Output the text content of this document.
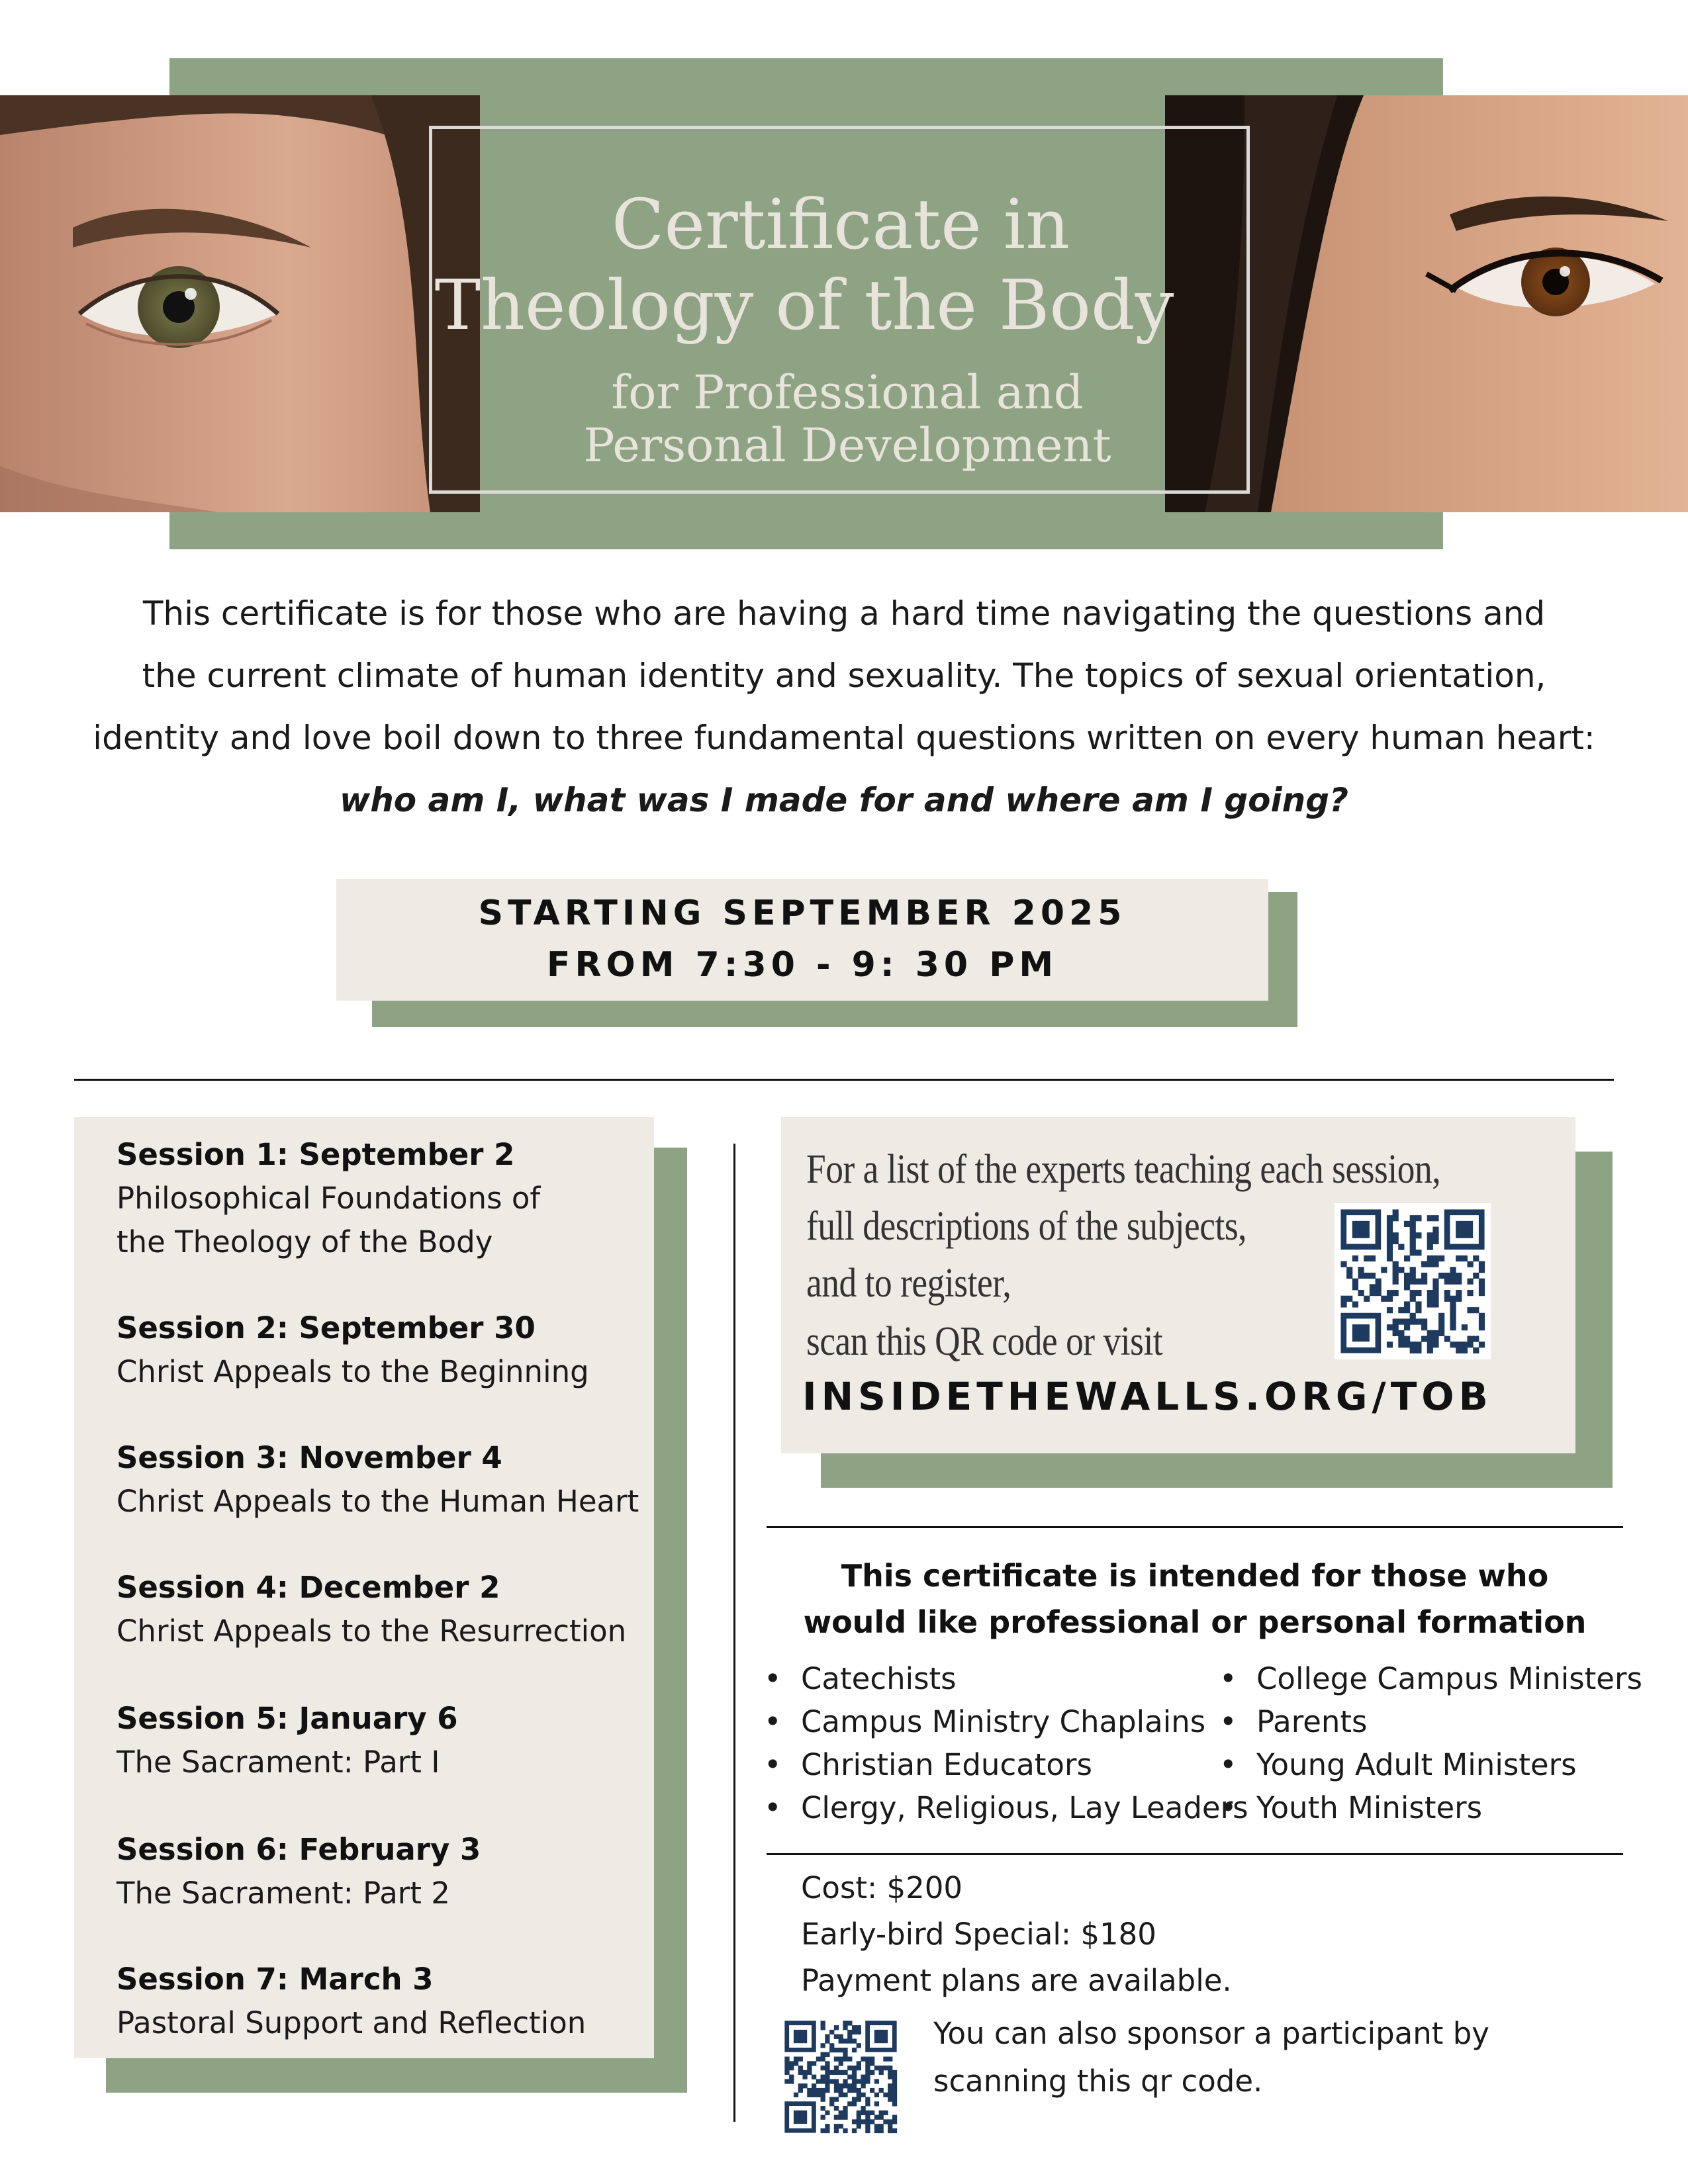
Certificate in
Theology of the Body

for Professional and

Personal Development

This certificate is for those who are having a hard time navigating the questions and

the current climate of human identity and sexuality. The topics of sexual orientation,

identity and love boil down to three fundamental questions written on every human heart:

who am I, what was I made for and where am I going?

STARTING SEPTEMBER 2025

FROM 7:30 - 9: 30 PM

Session 1: September 2

Philosophical Foundations of

the Theology of the Body

Session 2: September 30

Christ Appeals to the Beginning

Session 3: November 4

Christ Appeals to the Human Heart

Session 4: December 2

Christ Appeals to the Resurrection

Session 5: January 6

The Sacrament: Part I

Session 6: February 3

The Sacrament: Part 2

Session 7: March 3

Pastoral Support and Reflection

For a list of the experts teaching each session,

full descriptions of the subjects,

and to register,

scan this QR code or visit

INSIDETHEWALLS.ORG/TOB

This certificate is intended for those who

would like professional or personal formation

• Catechists
• Campus Ministry Chaplains
• Christian Educators
• Clergy, Religious, Lay Leaders
• College Campus Ministers
• Parents
• Young Adult Ministers
• Youth Ministers

Cost: $200

Early-bird Special: $180

Payment plans are available.

You can also sponsor a participant by

scanning this qr code.
